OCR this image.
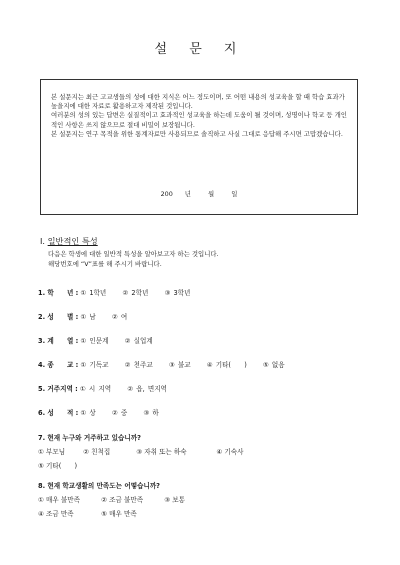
설 문 지

본 설문지는 최근 고교생들의 성에 대한 지식은 어느 정도이며, 또 어떤 내용의 성교육을 할 때 학습 효과가 높을지에 대한 자료로 활용하고자 제작된 것입니다.

여러분의 성의 있는 답변은 실질적이고 효과적인 성교육을 하는데 도움이 될 것이며, 성명이나 학교 등 개인적인 사항은 쓰지 않으므로 절대 비밀이 보장됩니다.

본 설문지는 연구 목적을 위한 통계자료만 사용되므로 솔직하고 사실 그대로 응답해 주시면 고맙겠습니다.

200 년	월	일
I. 일반적인 특성
다음은 학생에 대한 일반적 특성을 알아보고자 하는 것입니다.
해당번호에 “V”표를 해 주시기 바랍니다.
1. 학　　년 : ① 1학년 ② 2학년 ③ 3학년
2. 성　　별 : ① 남 ② 여
3. 계　　열 : ① 인문계 ② 실업계
4. 종　　교 : ① 기독교 ② 천주교 ③ 불교 ④ 기타(　　) ⑤ 없음
5. 거주지역 : ① 시 지역 ② 읍, 면지역
6. 성　　적 : ① 상 ② 중 ③ 하
7. 현재 누구와 거주하고 있습니까?
① 부모님	② 친척집	③ 자취 또는 하숙	④ 기숙사
⑤ 기타(　　)
8. 현재 학교생활의 만족도는 어떻습니까?
① 매우 불만족	② 조금 불만족	③ 보통
④ 조금 만족	⑤ 매우 만족
